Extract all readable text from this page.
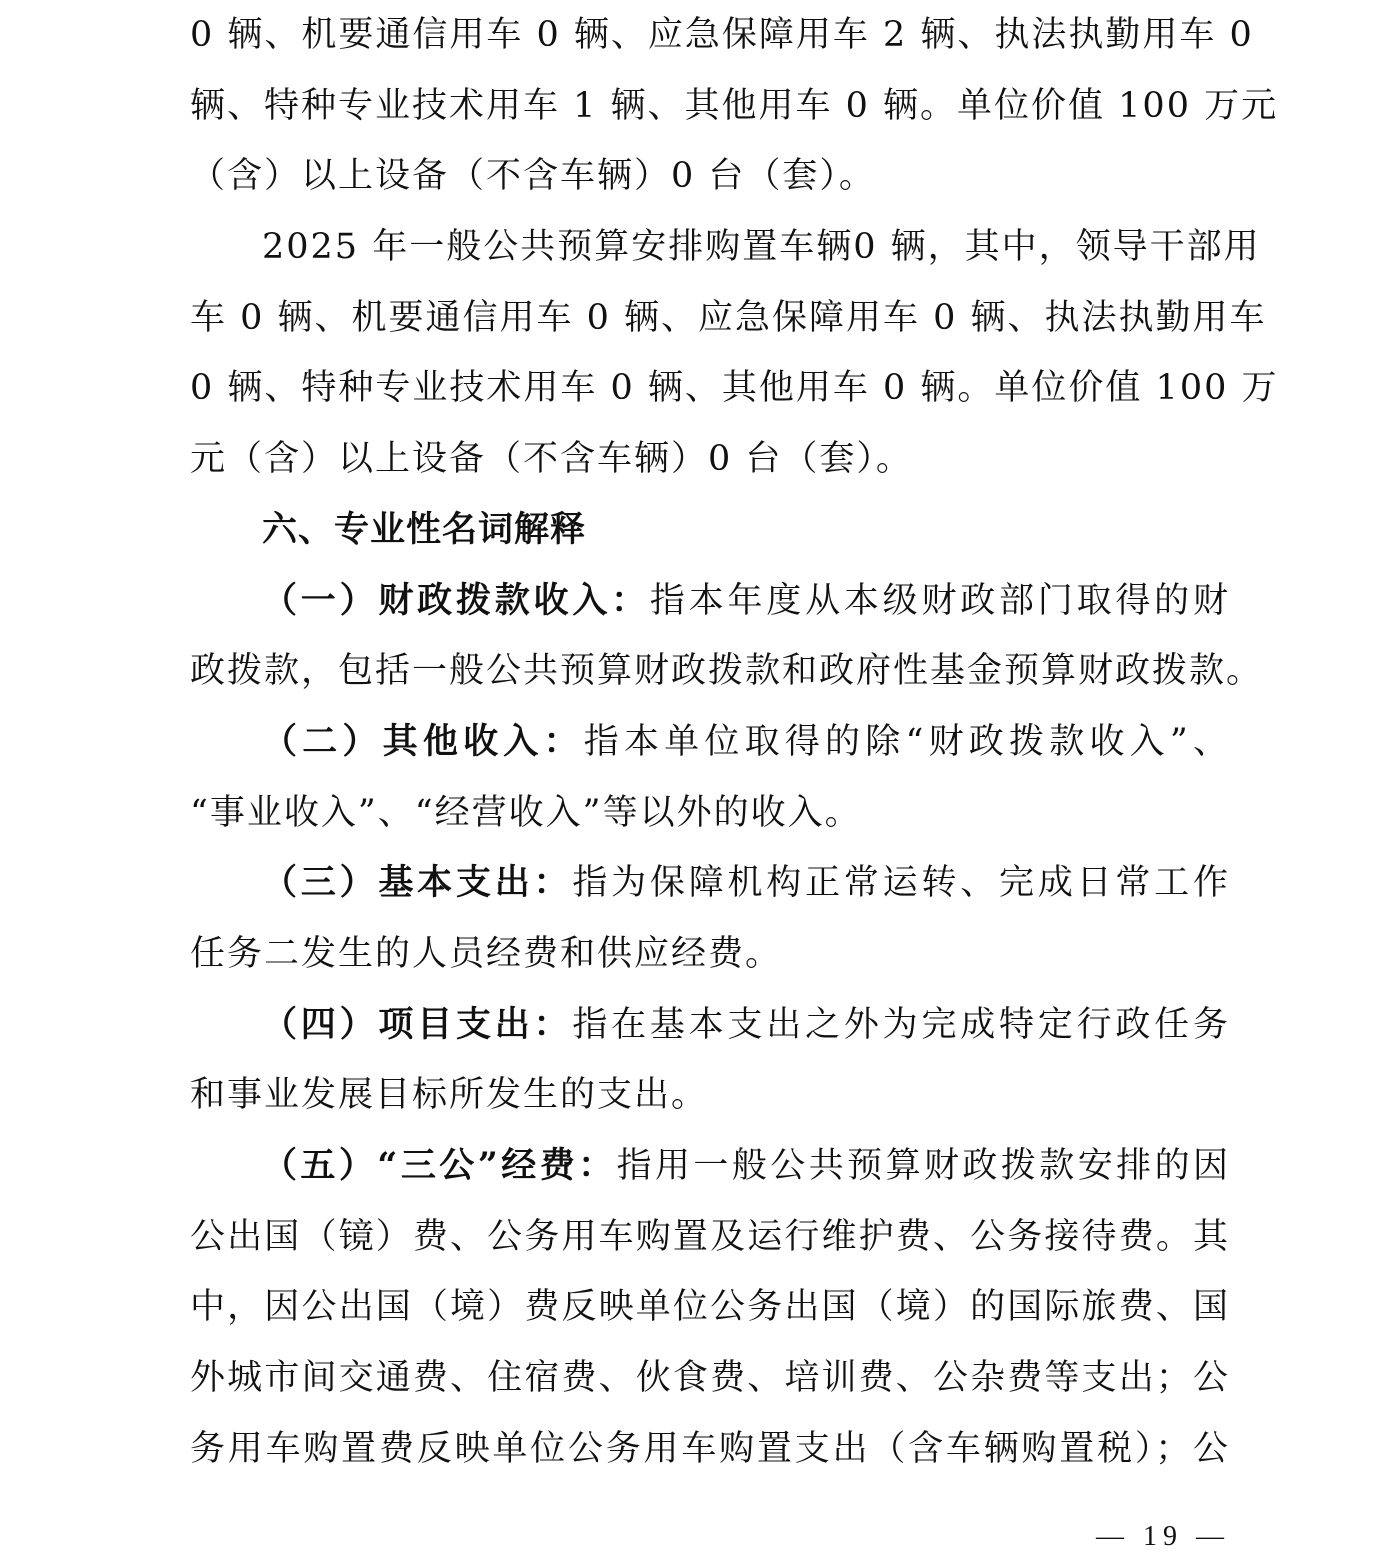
0 辆、机要通信用车 0 辆、应急保障用车 2 辆、执法执勤用车 0
辆、特种专业技术用车 1 辆、其他用车 0 辆。单位价值 100 万元
（含）以上设备（不含车辆）0 台（套）。
2025 年一般公共预算安排购置车辆0 辆，其中，领导干部用
车 0 辆、机要通信用车 0 辆、应急保障用车 0 辆、执法执勤用车
0 辆、特种专业技术用车 0 辆、其他用车 0 辆。单位价值 100 万
元（含）以上设备（不含车辆）0 台（套）。
六、专业性名词解释
（一）财政拨款收入：指本年度从本级财政部门取得的财
政拨款，包括一般公共预算财政拨款和政府性基金预算财政拨款。
（二）其他收入：指本单位取得的除“财政拨款收入”、
“事业收入”、“经营收入”等以外的收入。
（三）基本支出：指为保障机构正常运转、完成日常工作
任务二发生的人员经费和供应经费。
（四）项目支出：指在基本支出之外为完成特定行政任务
和事业发展目标所发生的支出。
（五）“三公”经费：指用一般公共预算财政拨款安排的因
公出国（镜）费、公务用车购置及运行维护费、公务接待费。其
中，因公出国（境）费反映单位公务出国（境）的国际旅费、国
外城市间交通费、住宿费、伙食费、培训费、公杂费等支出；公
务用车购置费反映单位公务用车购置支出（含车辆购置税）；公
— 19 —
